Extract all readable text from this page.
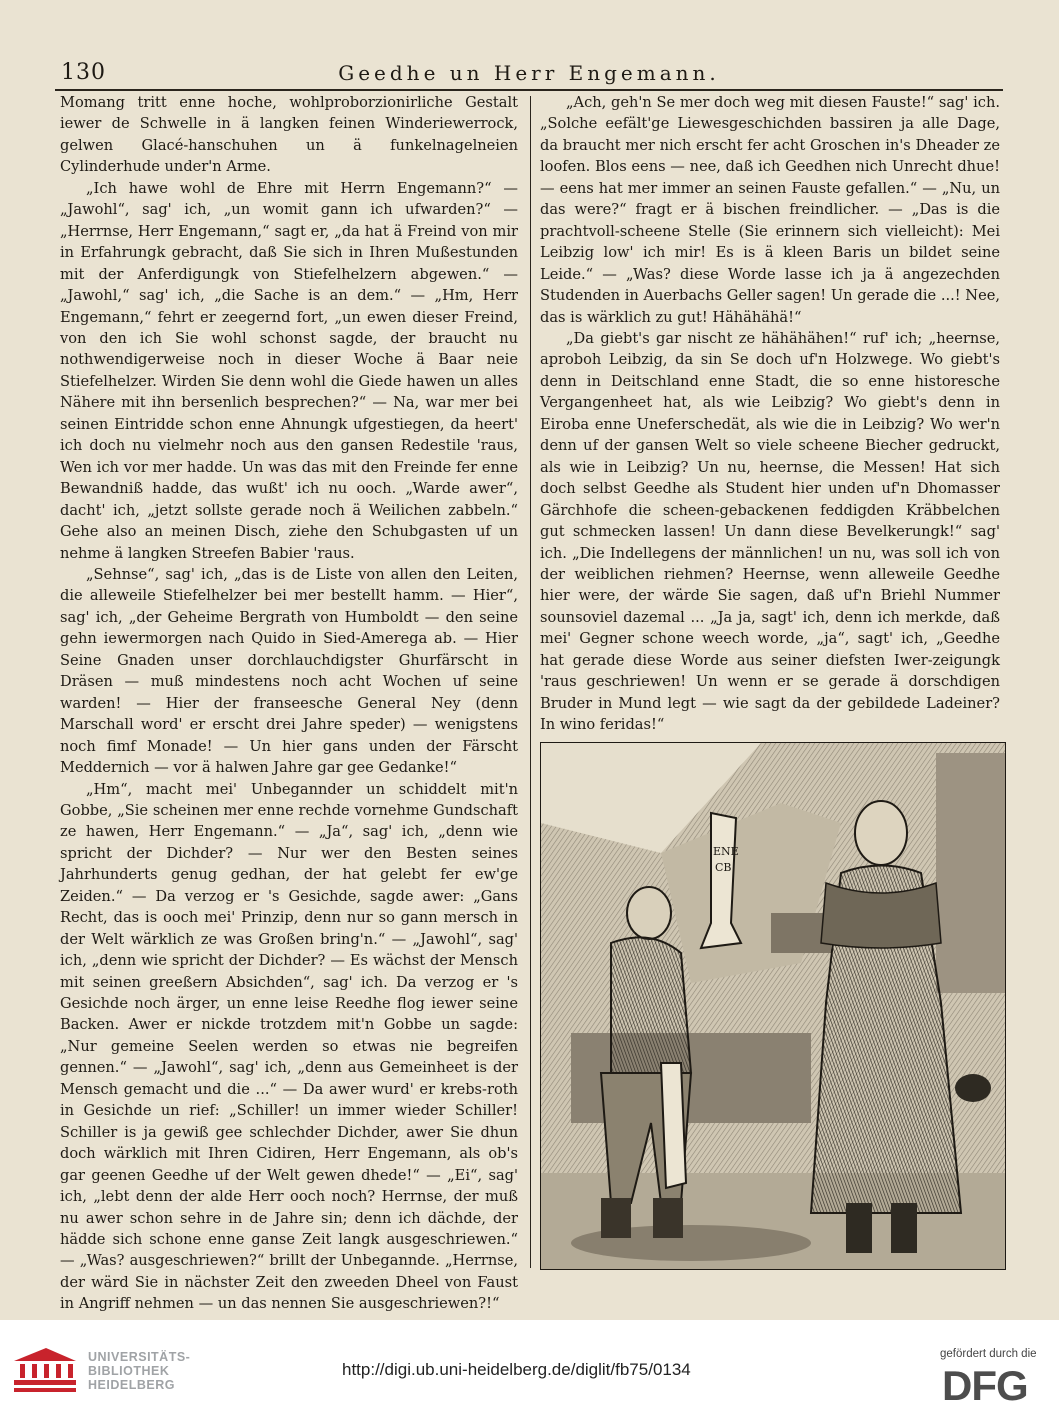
130	Geedhe un Herr Engemann.

Momang tritt enne hoche, wohlproborzionirliche Gestalt iewer de Schwelle in ä langken feinen Winderiewerrock, gelwen Glacé-hanschuhen un ä funkelnagelneien Cylinderhude under'n Arme.

„Ich hawe wohl de Ehre mit Herrn Engemann?“ — „Jawohl“, sag' ich, „un womit gann ich ufwarden?“ — „Herrnse, Herr Engemann,“ sagt er, „da hat ä Freind von mir in Erfahrungk gebracht, daß Sie sich in Ihren Mußestunden mit der Anferdigungk von Stiefelhelzern abgewen.“ — „Jawohl,“ sag' ich, „die Sache is an dem.“ — „Hm, Herr Engemann,“ fehrt er zeegernd fort, „un ewen dieser Freind, von den ich Sie wohl schonst sagde, der braucht nu nothwendigerweise noch in dieser Woche ä Baar neie Stiefelhelzer. Wirden Sie denn wohl die Giede hawen un alles Nähere mit ihn bersenlich besprechen?“ — Na, war mer bei seinen Eintridde schon enne Ahnungk ufgestiegen, da heert' ich doch nu vielmehr noch aus den gansen Redestile 'raus, Wen ich vor mer hadde. Un was das mit den Freinde fer enne Bewandniß hadde, das wußt' ich nu ooch. „Warde awer“, dacht' ich, „jetzt sollste gerade noch ä Weilichen zabbeln.“ Gehe also an meinen Disch, ziehe den Schubgasten uf un nehme ä langken Streefen Babier 'raus.

„Sehnse“, sag' ich, „das is de Liste von allen den Leiten, die alleweile Stiefelhelzer bei mer bestellt hamm. — Hier“, sag' ich, „der Geheime Bergrath von Humboldt — den seine gehn iewermorgen nach Quido in Sied-Amerega ab. — Hier Seine Gnaden unser dorchlauchdigster Ghurfärscht in Dräsen — muß mindestens noch acht Wochen uf seine warden! — Hier der franseesche General Ney (denn Marschall word' er erscht drei Jahre speder) — wenigstens noch fimf Monade! — Un hier gans unden der Färscht Meddernich — vor ä halwen Jahre gar gee Gedanke!“

„Hm“, macht mei' Unbegannder un schiddelt mit'n Gobbe, „Sie scheinen mer enne rechde vornehme Gundschaft ze hawen, Herr Engemann.“ — „Ja“, sag' ich, „denn wie spricht der Dichder? — Nur wer den Besten seines Jahrhunderts genug gedhan, der hat gelebt fer ew'ge Zeiden.“ — Da verzog er 's Gesichde, sagde awer: „Gans Recht, das is ooch mei' Prinzip, denn nur so gann mersch in der Welt wärklich ze was Großen bring'n.“ — „Jawohl“, sag' ich, „denn wie spricht der Dichder? — Es wächst der Mensch mit seinen greeßern Absichden“, sag' ich. Da verzog er 's Gesichde noch ärger, un enne leise Reedhe flog iewer seine Backen. Awer er nickde trotzdem mit'n Gobbe un sagde: „Nur gemeine Seelen werden so etwas nie begreifen gennen.“ — „Jawohl“, sag' ich, „denn aus Gemeinheet is der Mensch gemacht und die ...“ — Da awer wurd' er krebs-roth in Gesichde un rief: „Schiller! un immer wieder Schiller! Schiller is ja gewiß gee schlechder Dichder, awer Sie dhun doch wärklich mit Ihren Cidiren, Herr Engemann, als ob's gar geenen Geedhe uf der Welt gewen dhede!“ — „Ei“, sag' ich, „lebt denn der alde Herr ooch noch? Herrnse, der muß nu awer schon sehre in de Jahre sin; denn ich dächde, der hädde sich schone enne ganse Zeit langk ausgeschriewen.“ — „Was? ausgeschriewen?“ brillt der Unbegannde. „Herrnse, der wärd Sie in nächster Zeit den zweeden Dheel von Faust in Angriff nehmen — un das nennen Sie ausgeschriewen?!“

„Ach, geh'n Se mer doch weg mit diesen Fauste!“ sag' ich. „Solche eefält'ge Liewesgeschichden bassiren ja alle Dage, da braucht mer nich erscht fer acht Groschen in's Dheader ze loofen. Blos eens — nee, daß ich Geedhen nich Unrecht dhue! — eens hat mer immer an seinen Fauste gefallen.“ — „Nu, un das were?“ fragt er ä bischen freindlicher. — „Das is die prachtvoll-scheene Stelle (Sie erinnern sich vielleicht): Mei Leibzig low' ich mir! Es is ä kleen Baris un bildet seine Leide.“ — „Was? diese Worde lasse ich ja ä angezechden Studenden in Auerbachs Geller sagen! Un gerade die ...! Nee, das is wärklich zu gut! Hähähähä!“

„Da giebt's gar nischt ze hähähähen!“ ruf' ich; „heernse, aproboh Leibzig, da sin Se doch uf'n Holzwege. Wo giebt's denn in Deitschland enne Stadt, die so enne historesche Vergangenheet hat, als wie Leibzig? Wo giebt's denn in Eiroba enne Uneferschedät, als wie die in Leibzig? Wo wer'n denn uf der gansen Welt so viele scheene Biecher gedruckt, als wie in Leibzig? Un nu, heernse, die Messen! Hat sich doch selbst Geedhe als Student hier unden uf'n Dhomasser Gärchhofe die scheen-gebackenen feddigden Kräbbelchen gut schmecken lassen! Un dann diese Bevelkerungk!“ sag' ich. „Die Indellegens der männlichen! un nu, was soll ich von der weiblichen riehmen? Heernse, wenn alleweile Geedhe hier were, der wärde Sie sagen, daß uf'n Briehl Nummer sounsoviel dazemal ... „Ja ja, sagt' ich, denn ich merkde, daß mei' Gegner schone weech worde, „ja“, sagt' ich, „Geedhe hat gerade diese Worde aus seiner diefsten Iwer-zeigungk 'raus geschriewen! Un wenn er se gerade ä dorschdigen Bruder in Mund legt — wie sagt da der gebildede Ladeiner? In wino feridas!“

ENE
CB
UNIVERSITÄTS-
BIBLIOTHEK
HEIDELBERG
http://digi.ub.uni-heidelberg.de/diglit/fb75/0134
gefördert durch die
DFG
